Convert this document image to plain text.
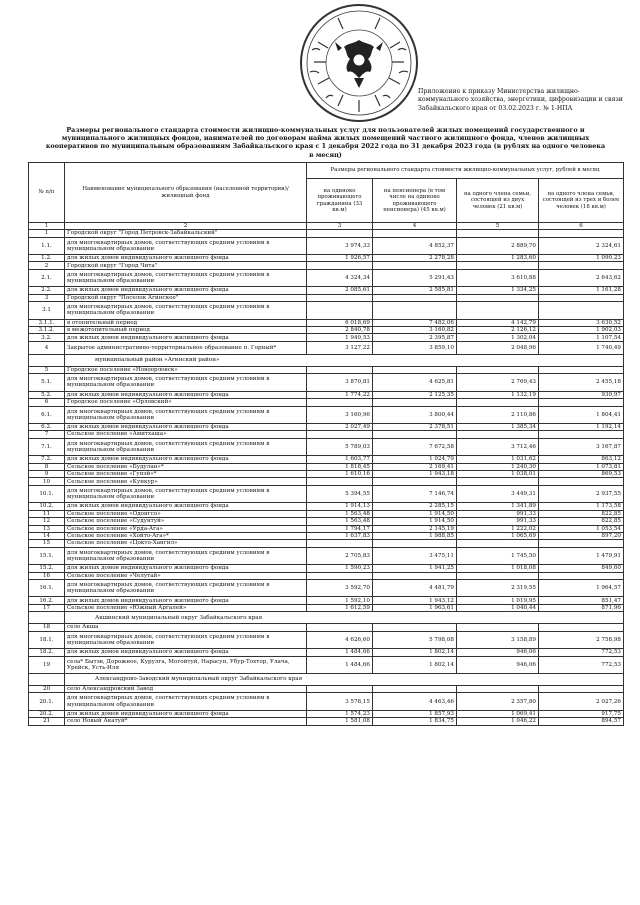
Приложение к приказу Министерства жилищно-
коммунального хозяйства, энергетики, цифровизации и связи
Забайкальского края от 03.02.2023 г. № 1-НПА
Размеры регионального стандарта стоимости жилищно-коммунальных услуг для пользователей жилых помещений государственного и
муниципального жилищных фондов, нанимателей по договорам найма жилых помещений частного жилищного фонда, членов жилищных
кооперативов по муниципальным образованиям Забайкальского края с 1 декабря 2022 года по 31 декабря 2023 года (в рублях на одного человека
в месяц)
№ п/п	Наименование муниципального образования (населенной территории)/ жилищный фонд	Размеры регионального стандарта стоимости жилищно-коммунальных услуг, рублей в месяц			
		на одиноко проживающего гражданина (33 кв.м)	на пенсионера (в том числе на одиноко проживающего пенсионера) (45 кв.м)	на одного члена семьи, состоящей из двух человек (21 кв.м)	на одного члена семьи, состоящей из трех и более человек (18 кв.м)
1	2	3	4	5	6
1	Городской округ "Город Петровск-Забайкальский"				
1.1.	для многоквартирных домов, соответствующих средним условиям в муниципальном образовании	3 974,33	4 852,37	2 889,70	2 324,61
1.2.	для жилых домов индивидуального жилищного фонда	1 926,57	2 278,28	1 283,60	1 090,23
2	Городской округ "Город Чита"				
2.1.	для многоквартирных домов, соответствующих средним условиям в муниципальном образовании	4 324,34	5 291,43	3 610,88	2 643,62
2.2.	для жилых домов индивидуального жилищного фонда	2 085,61	2 585,81	1 334,25	1 161,28
3	Городской округ "Поселок Агинское"				
3.1	для многоквартирных домов, соответствующих средним условиям в муниципальном образовании				
3.1.1.	в отопительный период	6 018,69	7 482,06	4 142,79	3 630,52
3.1.2.	в межотопительный период	2 840,78	3 160,82	2 126,12	1 902,03
3.2.	для жилых домов индивидуального жилищного фонда	1 949,53	2 395,87	1 302,04	1 107,54
4	Закрытое административно-территориальное образование п. Горный*	3 127,22	3 859,10	2 048,96	1 740,49
	муниципальный район «Агинский район»				
5	Городское поселение «Новоорловск»				
5.1.	для многоквартирных домов, соответствующих средним условиям в муниципальном образовании	3 870,81	4 625,81	2 769,43	2 455,18
5.2.	для жилых домов индивидуального жилищного фонда	1 774,22	2 125,35	1 132,19	939,97
6	Городское поселение «Орловский»				
6.1.	для многоквартирных домов, соответствующих средним условиям в муниципальном образовании	3 160,96	3 800,44	2 110,86	1 804,41
6.2.	для жилых домов индивидуального жилищного фонда	2 027,49	2 378,51	1 385,34	1 192,14
7	Сельское поселение «Амитхаша»				
7.1.	для многоквартирных домов, соответствующих средним условиям в муниципальном образовании	5 789,03	7 672,58	3 712,46	3 167,87
7.2.	для жилых домов индивидуального жилищного фонда	1 603,77	1 924,79	1 031,62	863,12
8	Сельское поселение «Будулан»*	1 818,45	2 169,41	1 240,30	1 073,81
9	Сельское поселение «Гунэй»*	1 610,16	1 943,18	1 038,01	869,53
10	Сельское поселение «Кункур»				
10.1.	для многоквартирных домов, соответствующих средним условиям в муниципальном образовании	5 394,55	7 146,74	3 449,31	2 937,55
10.2.	для жилых домов индивидуального жилищного фонда	1 914,13	2 285,15	1 341,89	1 173,58
11	Сельское поселение «Одонгсо»	1 563,48	1 914,50	991,33	822,85
12	Сельское поселение «Судунтуй»	1 563,48	1 914,50	991,33	822,85
13	Сельское поселение «Урда-Ага»	1 794,17	2 145,19	1 222,02	1 053,54
14	Сельское поселение «Хойто-Ага»*	1 637,83	1 988,85	1 065,69	897,20
15	Сельское поселение «Цокто-Хангил»				
15.1.	для многоквартирных домов, соответствующих средним условиям в муниципальном образовании	2 705,83	3 475,11	1 745,50	1 479,91
15.2.	для жилых домов индивидуального жилищного фонда	1 590,23	1 941,25	1 018,08	849,60
16	Сельское поселение «Челутай»				
16.1.	для многоквартирных домов, соответствующих средним условиям в муниципальном образовании	3 592,70	4 481,79	2 319,55	1 964,57
16.2.	для жилых домов индивидуального жилищного фонда	1 592,10	1 943,12	1 019,95	851,47
17	Сельское поселение «Южный Аргалей»	1 612,59	1 963,61	1 040,44	871,96
	Акшинский муниципальный округ Забайкальского края				
18	село Акша				
18.1.	для многоквартирных домов, соответствующих средним условиям в муниципальном образовании	4 626,60	5 798,08	3 158,89	2 758,98
18.2.	для жилых домов индивидуального жилищного фонда	1 484,66	1 802,14	946,06	772,53
19	села* Бытэв, Дорожное, Курулга, Могойтуй, Нарасун, Убур-Тохтор, Улача, Урейск, Усть-Иля	1 484,66	1 802,14	946,06	772,53
	Александрово-Заводский муниципальный округ Забайкальского края				
20	село Александровский Завод				
20.1.	для многоквартирных домов, соответствующих средним условиям в муниципальном образовании	3 578,15	4 463,46	2 357,80	2 027,26
20.2.	для жилых домов индивидуального жилищного фонда	1 574,23	1 857,93	1 069,41	917,75
21	село Новый Акатуй*	1 581,08	1 834,75	1 046,22	894,57
